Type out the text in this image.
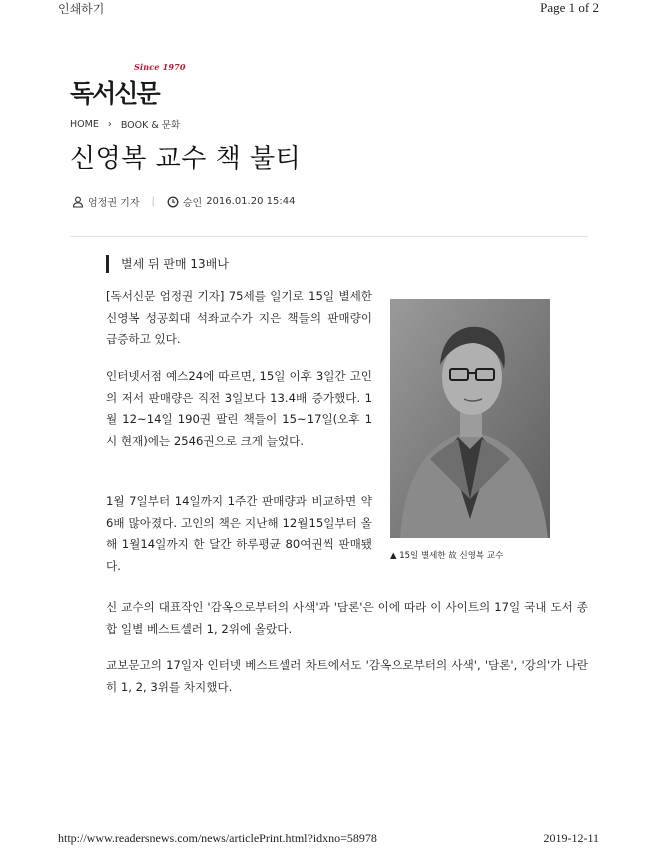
인쇄하기	Page 1 of 2
Since 1970
독서신문
HOME › BOOK & 문화
신영복 교수 책 불티
엄정권 기자 |	승인 2016.01.20 15:44
별세 뒤 판매 13배나

[독서신문 엄정권 기자] 75세를 일기로 15일 별세한 신영복 성공회대 석좌교수가 지은 책들의 판매량이 급증하고 있다.

인터넷서점 예스24에 따르면, 15일 이후 3일간 고인의 저서 판매량은 직전 3일보다 13.4배 증가했다. 1월 12~14일 190권 팔린 책들이 15~17일(오후 1시 현재)에는 2546권으로 크게 늘었다.

1월 7일부터 14일까지 1주간 판매량과 비교하면 약 6배 많아졌다. 고인의 책은 지난해 12월15일부터 올해 1월14일까지 한 달간 하루평균 80여권씩 판매됐다.

신 교수의 대표작인 '감옥으로부터의 사색'과 '담론'은 이에 따라 이 사이트의 17일 국내 도서 종합 일별 베스트셀러 1, 2위에 올랐다.

교보문고의 17일자 인터넷 베스트셀러 차트에서도 '감옥으로부터의 사색', '담론', '강의'가 나란히 1, 2, 3위를 차지했다.

▲ 15일 별세한 故 신영복 교수
http://www.readersnews.com/news/articlePrint.html?idxno=58978	2019-12-11
